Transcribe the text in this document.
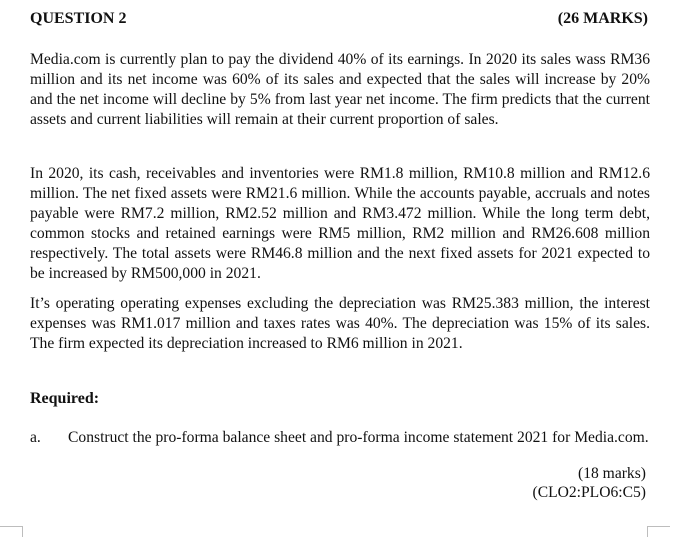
QUESTION 2	(26 MARKS)

Media.com is currently plan to pay the dividend 40% of its earnings. In 2020 its sales wass RM36 million and its net income was 60% of its sales and expected that the sales will increase by 20% and the net income will decline by 5% from last year net income. The firm predicts that the current assets and current liabilities will remain at their current proportion of sales.

In 2020, its cash, receivables and inventories were RM1.8 million, RM10.8 million and RM12.6 million. The net fixed assets were RM21.6 million. While the accounts payable, accruals and notes payable were RM7.2 million, RM2.52 million and RM3.472 million. While the long term debt, common stocks and retained earnings were RM5 million, RM2 million and RM26.608 million respectively. The total assets were RM46.8 million and the next fixed assets for 2021 expected to be increased by RM500,000 in 2021.

It’s operating operating expenses excluding the depreciation was RM25.383 million, the interest expenses was RM1.017 million and taxes rates was 40%. The depreciation was 15% of its sales. The firm expected its depreciation increased to RM6 million in 2021.

Required:
a. Construct the pro-forma balance sheet and pro-forma income statement 2021 for Media.com.
(18 marks)
(CLO2:PLO6:C5)
